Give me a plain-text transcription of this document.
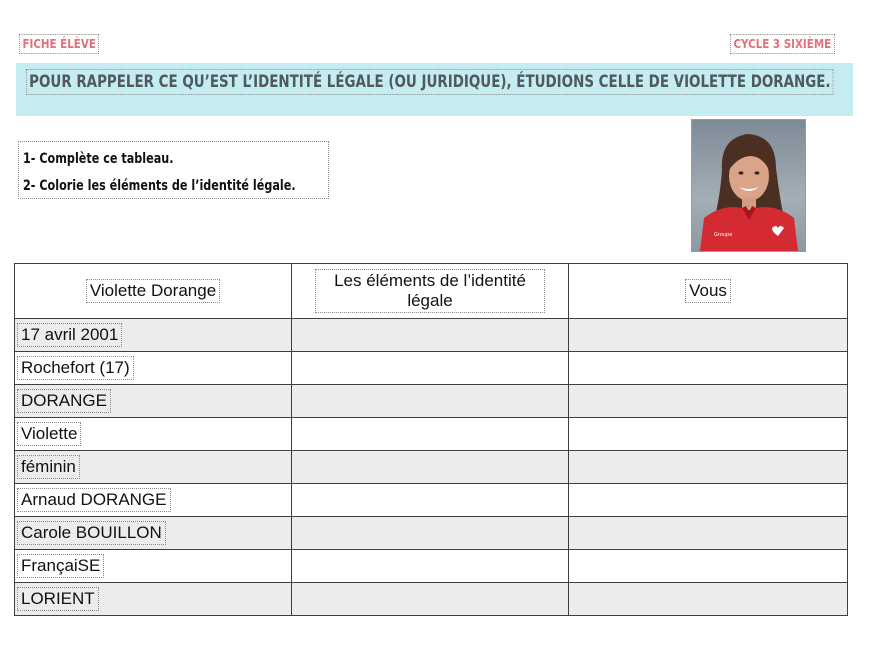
FICHE ÉLÈVE	CYCLE 3 SIXIÈME
POUR RAPPELER CE QU’EST L’IDENTITÉ LÉGALE (OU JURIDIQUE), ÉTUDIONS CELLE DE VIOLETTE DORANGE.
1- Complète ce tableau.
2- Colorie les éléments de l’identité légale.
Groupe
Violette Dorange	Les éléments de l’identité légale	Vous
17 avril 2001		
Rochefort (17)		
DORANGE		
Violette		
féminin		
Arnaud DORANGE		
Carole BOUILLON		
FrançaiSE		
LORIENT		
